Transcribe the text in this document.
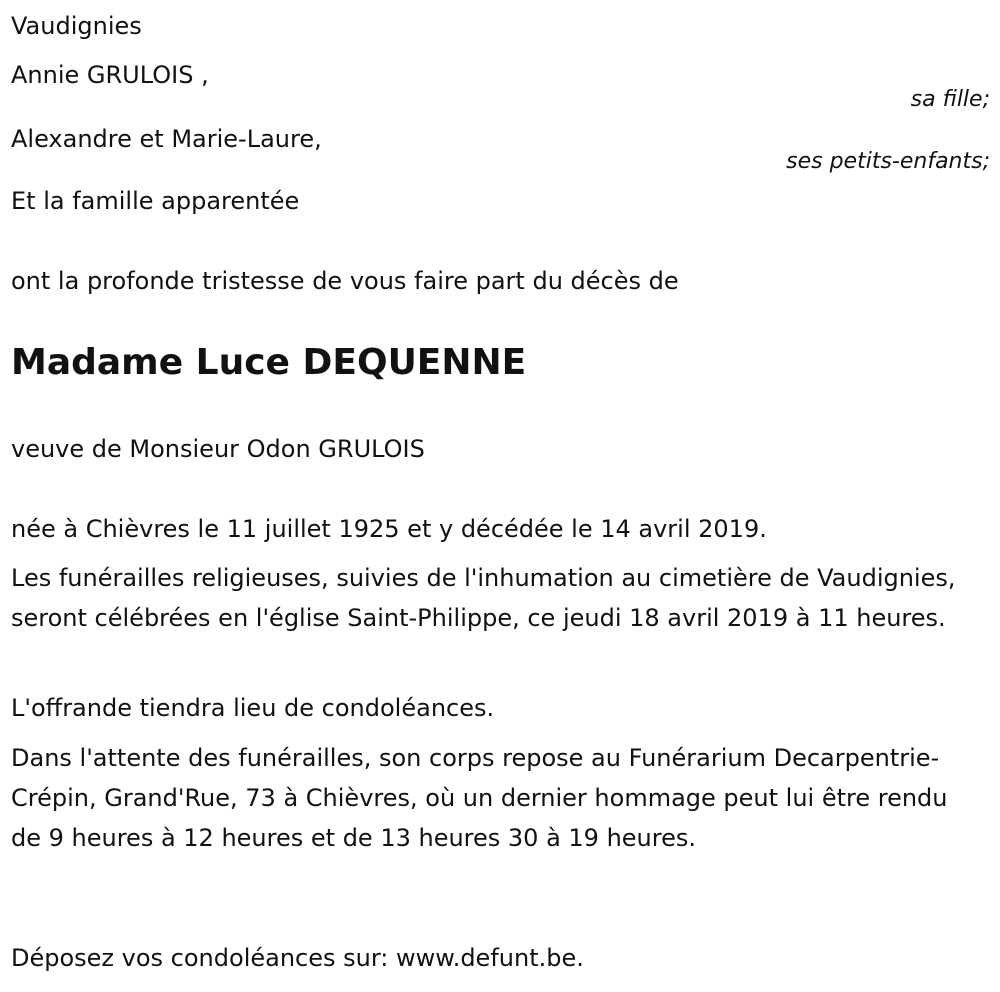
Vaudignies
Annie GRULOIS ,
sa fille;
Alexandre et Marie-Laure,
ses petits-enfants;
Et la famille apparentée
ont la profonde tristesse de vous faire part du décès de
Madame Luce DEQUENNE
veuve de Monsieur Odon GRULOIS
née à Chièvres le 11 juillet 1925 et y décédée le 14 avril 2019.
Les funérailles religieuses, suivies de l'inhumation au cimetière de Vaudignies, seront célébrées en l'église Saint-Philippe, ce jeudi 18 avril 2019 à 11 heures.
L'offrande tiendra lieu de condoléances.
Dans l'attente des funérailles, son corps repose au Funérarium Decarpentrie-Crépin, Grand'Rue, 73 à Chièvres, où un dernier hommage peut lui être rendu de 9 heures à 12 heures et de 13 heures 30 à 19 heures.
Déposez vos condoléances sur: www.defunt.be.
